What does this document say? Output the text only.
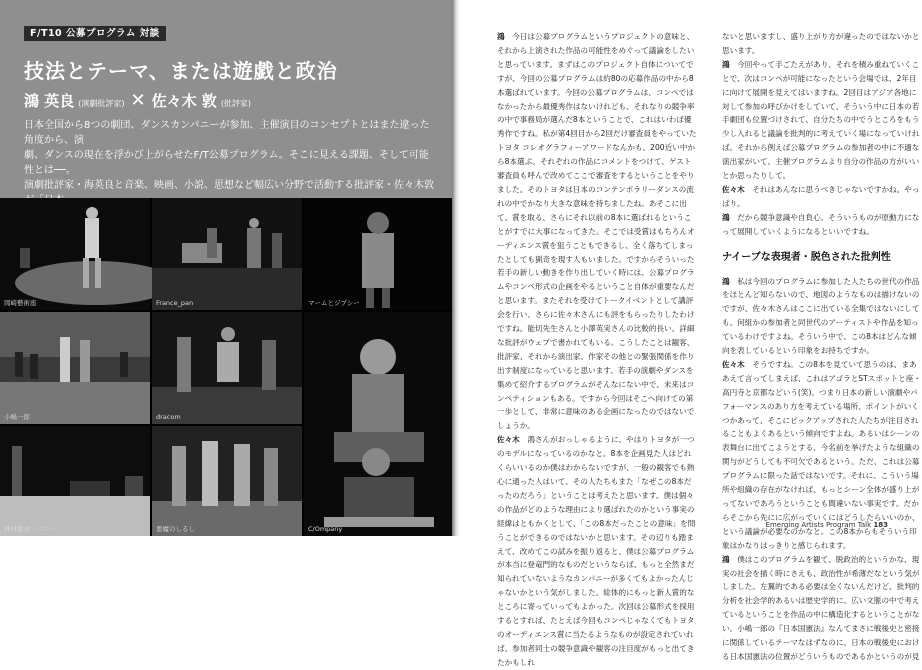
F/T10 公募プログラム 対談
技法とテーマ、または遊戯と政治
鴻 英良 (演劇批評家) ✕ 佐々木 敦 (批評家)

日本全国から8つの劇団、ダンスカンパニーが参加、主催演目のコンセプトとはまた違った角度から、演

劇、ダンスの現在を浮かび上がらせたF/T公募プログラム。そこに見える課題、そして可能性とは──。

演劇批評家・海英良と音楽、映画、小説、思想など幅広い分野で活動する批評家・佐々木敦

岡崎藝術座	France_pan	マームとジプシー
小嶋一郎	dracom
C/Ompany
神村恵カンパニー	悪魔のしるし

鴻　 今日は公募プログラムというプロジェクトの意味と、それから上演された作品の可能性をめぐって議論をしたいと思っています。まずはこのプロジェクト自体についてですが、今回の公募プログラムは約80の応募作品の中から8本選ばれています。今回の公募プログラムは、コンペではなかったから最優秀作はないけれども、それなりの競争率の中で事務局が選んだ8本ということで、これはいわば優秀作ですね。私が第4回目から2回だけ審査員をやっていたトヨタ コレオグラフィーアワードなんかも、200近い中から8本選ぶ。それぞれの作品にコメントをつけて、ゲスト審査員も呼んで改めてここで審査をするということをやりました。そのトヨタは日本のコンテンポラリーダンスの流れの中でかなり大きな意味を持ちましたね。あそこに出て、賞を取る、さらにそれ以前の8本に選ばれるということがすでに大事になってきた。そこでは受賞はもちろんオーディエンス賞を狙うこともできるし、全く落ちてしまったとしても猟奇を現す人もいました。ですからそういった若手の新しい動きを作り出していく時には、公募プログラムやコンペ形式の企画をやるということ自体が重要なんだと思います。またそれを受けてトークイベントとして講評会を行い、さらに佐々木さんにも評をもらったりしたわけですね。能切先生さんと小澤英実さんの比較的長い、詳細な批評がウェブで書かれてもいる。こうしたことは観客、批評家、それから演出家、作家その他との緊張関係を作り出す制度になっていると思います。若手の演劇やダンスを集めて紹介するプログラムがそんなにない中で、未来はコンペティションもある。ですから今回はそこへ向けての第一歩として、非常に意味のある企画になったのではないでしょうか。

佐々木　 鴻さんがおっしゃるように、やはりトヨタが一つのモデルになっているのかなと。8本を企画見た人はどれくらいいるのか僕はわからないですが、一般の観客でも熱心に通った人はいて、その人たちもまた「なぜこの8本だったのだろう」ということは考えたと思います。僕は個々の作品がどのような理由により選ばれたのかという事実の経緯はともかくとして、「この8本だったことの意味」を問うことができるのではないかと思います。その辺りも踏まえて、改めてこの試みを振り返ると、僕は公募プログラムが本当に登竜門的なものだというならば、もっと全然まだ知られていないようなカンパニーが多くてもよかったんじゃないかという気がしました。総体的にもっと新人賞的なところに寄っていってもよかった。次回は公募形式を採用するとすれば、たとえば今回もコンペじゃなくてもトヨタのオーディエンス賞に当たるようなものが設定されていれば、参加者同士の競争意識や観客の注目度がもっと出てきたかもしれ

ないと思いますし、盛り上がり方が違ったのではないかと思います。

鴻　 今回やって手ごたえがあり、それを積み重ねていくことで、次はコンペが可能になったという会場では、2年目に向けて展開を見えてはいますね。2回目はアジア各地に対して参加の呼びかけをしていて、そういう中に日本の若手劇団も位置づけされて、自分たちの中でうところをもう少し入れると議論を批判的に考えていく場になっていければ。それから例えば公募プログラムの参加者の中に不適な演出家がいて、主催プログラムより自分の作品の方がいいとか思ったりして。

佐々木　 それはあんなに思うべきじゃないですかね。やっぱり。

鴻　 だから競争意識や自負心、そういうものが原動力になって展開していくようになるといいですね。

ナイーブな表現者・脱色された批判性

鴻　 私は今回のプログラムに参加した人たちの世代の作品をほとんど知らないので、地図のようなものは描けないのですが、佐々木さんはここに出ている全集ではないにしても、何組かの参加者と同世代のアーティストや作品を知っているわけですよね。そういう中で、この8本はどんな傾向を表しているという印象をお持ちですか。

佐々木　 そうですね。この8本を見ていて思うのは、まああえて言ってしまえば、これはアゴラとSTスポットと座・高円寺と京都などいう(笑)。つまり日本の新しい演劇やパフォーマンスのあり方を考えている場所、ポイントがいくつかあって、そこにピックアップされた人たちが注目されることもよくあるという傾向ですよね。あるいはシーンの表舞台に出てこようとする、今名前を挙げたような組織の関与がどうしても不可欠であるという。ただ、これは公募プログラムに限った話ではないです。それに、こういう場所や組織の存在がなければ、もっとシーン全体が盛り上がってないであろうということも間違いない事実です。だからそこから先にに広がっていくにはどうしたらいいのか、という議論が必要なのかなと。この8本からもそういう印象はかなりはっきりと感じられます。

鴻　 僕はこのプログラムを観て、脱政治的というかな、現実の社会を描く時にさえも、政治性が希薄だなという気がしました。左翼的である必要は全くないんだけど、批判的分析を社会学的あるいは歴史学的に、広い文脈の中で考えているということを作品の中に構造化するということがない。小嶋一郎の『日本国憲法』なんてまさに戦後史と密接に関係しているテーマなはずなのに、日本の戦後史における日本国憲法の位置がどういうものであるかというのが見

Emerging Artists Program Talk 183
